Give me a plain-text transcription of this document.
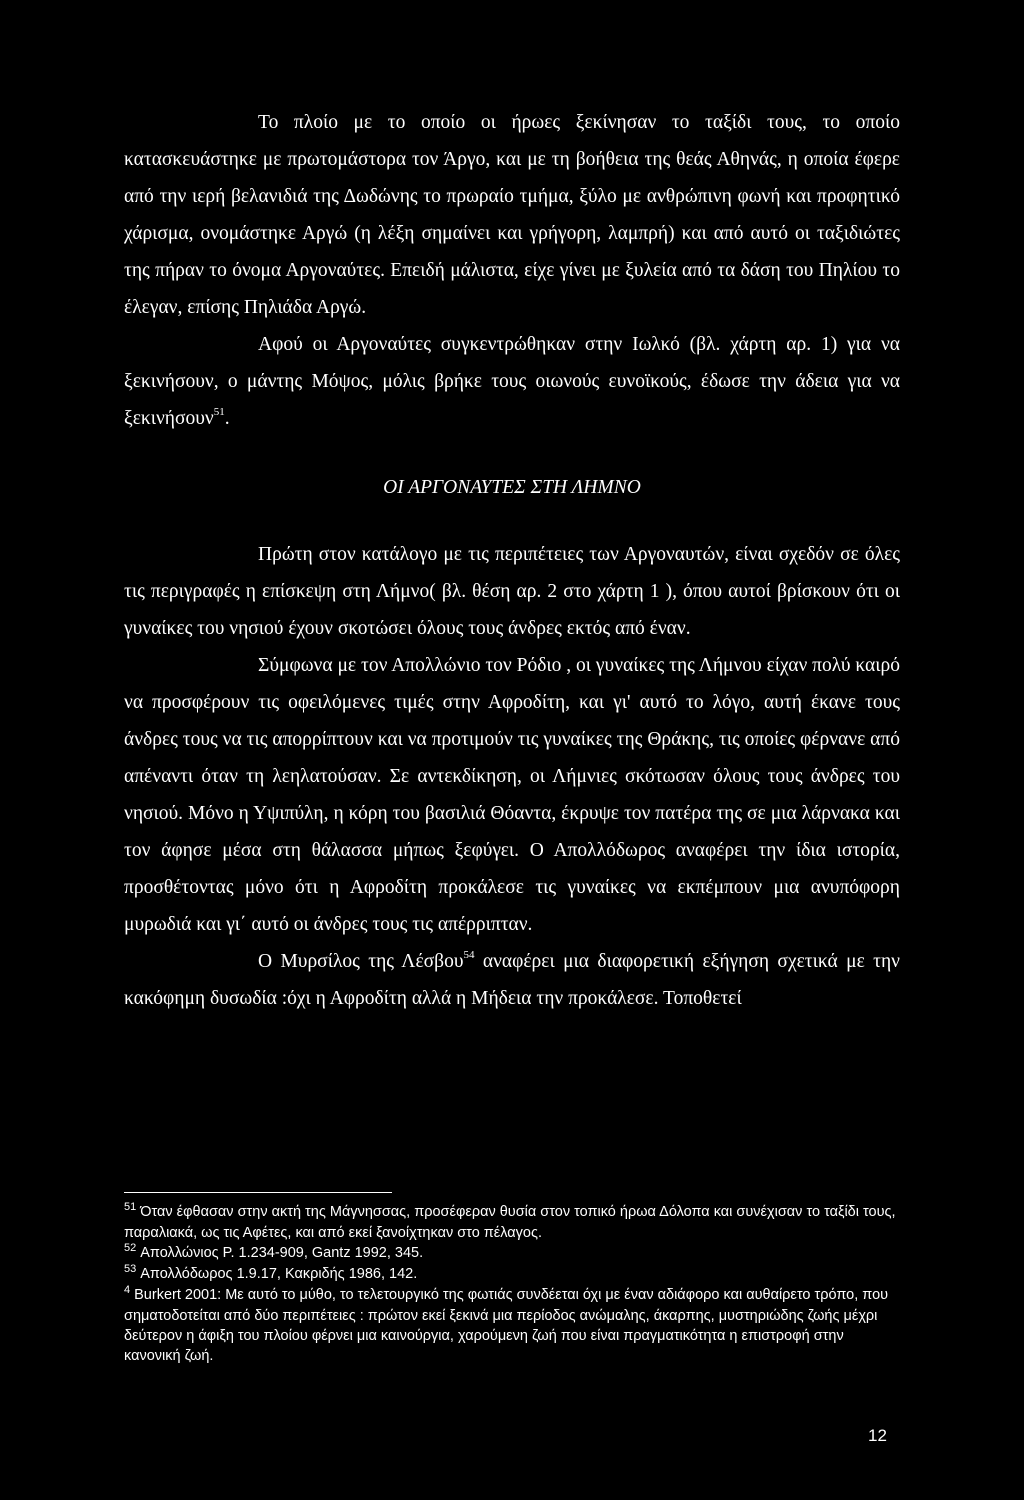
Το πλοίο με το οποίο οι ήρωες ξεκίνησαν το ταξίδι τους, το οποίο κατασκευάστηκε με πρωτομάστορα τον Άργο, και με τη βοήθεια της θεάς Αθηνάς, η οποία έφερε από την ιερή βελανιδιά της Δωδώνης το πρωραίο τμήμα, ξύλο με ανθρώπινη φωνή και προφητικό χάρισμα, ονομάστηκε Αργώ (η λέξη σημαίνει και γρήγορη, λαμπρή) και από αυτό οι ταξιδιώτες της πήραν το όνομα Αργοναύτες. Επειδή μάλιστα, είχε γίνει με ξυλεία από τα δάση του Πηλίου το έλεγαν, επίσης Πηλιάδα Αργώ.

Αφού οι Αργοναύτες συγκεντρώθηκαν στην Ιωλκό (βλ. χάρτη αρ. 1) για να ξεκινήσουν, ο μάντης Μόψος, μόλις βρήκε τους οιωνούς ευνοϊκούς, έδωσε την άδεια για να ξεκινήσουν$^{51}$.

ΟΙ ΑΡΓΟΝΑΥΤΕΣ ΣΤΗ ΛΗΜΝΟ

Πρώτη στον κατάλογο με τις περιπέτειες των Αργοναυτών, είναι σχεδόν σε όλες τις περιγραφές η επίσκεψη στη Λήμνο( βλ. θέση αρ. 2 στο χάρτη 1 ), όπου αυτοί βρίσκουν ότι οι γυναίκες του νησιού έχουν σκοτώσει όλους τους άνδρες εκτός από έναν.

Σύμφωνα με τον Απολλώνιο τον Ρόδιο , οι γυναίκες της Λήμνου είχαν πολύ καιρό να προσφέρουν τις οφειλόμενες τιμές στην Αφροδίτη, και γι' αυτό το λόγο, αυτή έκανε τους άνδρες τους να τις απορρίπτουν και να προτιμούν τις γυναίκες της Θράκης, τις οποίες φέρνανε από απέναντι όταν τη λεηλατούσαν. Σε αντεκδίκηση, οι Λήμνιες σκότωσαν όλους τους άνδρες του νησιού. Μόνο η Υψιπύλη, η κόρη του βασιλιά Θόαντα, έκρυψε τον πατέρα της σε μια λάρνακα και τον άφησε μέσα στη θάλασσα μήπως ξεφύγει. Ο Απολλόδωρος αναφέρει την ίδια ιστορία, προσθέτοντας μόνο ότι η Αφροδίτη προκάλεσε τις γυναίκες να εκπέμπουν μια ανυπόφορη μυρωδιά και γι΄ αυτό οι άνδρες τους τις απέρριπταν.

Ο Μυρσίλος της Λέσβου$^{54}$ αναφέρει μια διαφορετική εξήγηση σχετικά με την κακόφημη δυσωδία :όχι η Αφροδίτη αλλά η Μήδεια την προκάλεσε. Τοποθετεί

$^{51}$ Όταν έφθασαν στην ακτή της Μάγνησσας, προσέφεραν θυσία στον τοπικό ήρωα Δόλοπα και συνέχισαν το ταξίδι τους, παραλιακά, ως τις Αφέτες, και από εκεί ξανοίχτηκαν στο πέλαγος.

$^{52}$ Απολλώνιος Ρ. 1.234-909, Gantz 1992, 345.

$^{53}$ Απολλόδωρος 1.9.17, Κακριδής 1986, 142.

$^4$ Burkert 2001: Με αυτό το μύθο, το τελετουργικό της φωτιάς συνδέεται όχι με έναν αδιάφορο και αυθαίρετο τρόπο, που σηματοδοτείται από δύο περιπέτειες : πρώτον εκεί ξεκινά μια περίοδος ανώμαλης, άκαρπης, μυστηριώδης ζωής μέχρι δεύτερον η άφιξη του πλοίου φέρνει μια καινούργια, χαρούμενη ζωή που είναι πραγματικότητα η επιστροφή στην κανονική ζωή.

12
